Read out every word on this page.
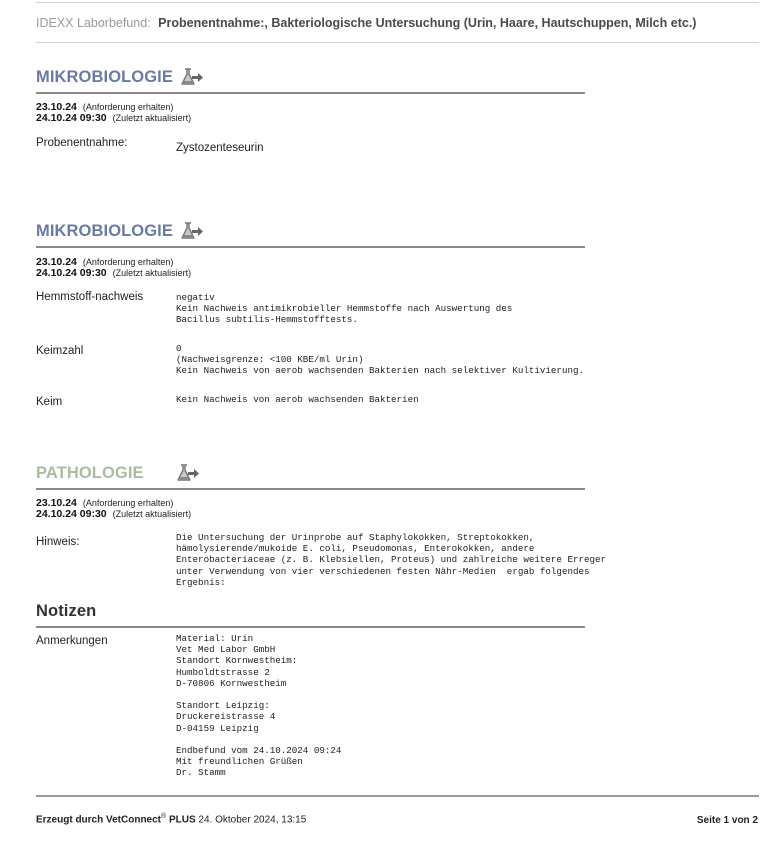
IDEXX Laborbefund: Probenentnahme:, Bakteriologische Untersuchung (Urin, Haare, Hautschuppen, Milch etc.)
MIKROBIOLOGIE
23.10.24 (Anforderung erhalten)
24.10.24 09:30 (Zuletzt aktualisiert)
Probenentnahme:	Zystozenteseurin
MIKROBIOLOGIE
23.10.24 (Anforderung erhalten)
24.10.24 09:30 (Zuletzt aktualisiert)
Hemmstoff-nachweis	negativ
Kein Nachweis antimikrobieller Hemmstoffe nach Auswertung des
Bacillus subtilis-Hemmstofftests.
Keimzahl	0
(Nachweisgrenze: <100 KBE/ml Urin)
Kein Nachweis von aerob wachsenden Bakterien nach selektiver Kultivierung.
Keim	Kein Nachweis von aerob wachsenden Bakterien
PATHOLOGIE
23.10.24 (Anforderung erhalten)
24.10.24 09:30 (Zuletzt aktualisiert)
Hinweis:	Die Untersuchung der Urinprobe auf Staphylokokken, Streptokokken,
hämolysierende/mukoide E. coli, Pseudomonas, Enterokokken, andere
Enterobacteriaceae (z. B. Klebsiellen, Proteus) und zahlreiche weitere Erreger
unter Verwendung von vier verschiedenen festen Nähr-Medien  ergab folgendes
Ergebnis:
Notizen
Anmerkungen	Material: Urin
Vet Med Labor GmbH
Standort Kornwestheim:
Humboldtstrasse 2
D-70806 Kornwestheim

Standort Leipzig:
Druckereistrasse 4
D-04159 Leipzig

Endbefund vom 24.10.2024 09:24
Mit freundlichen Grüßen
Dr. Stamm
Erzeugt durch VetConnect® PLUS 24. Oktober 2024, 13:15	Seite 1 von 2
